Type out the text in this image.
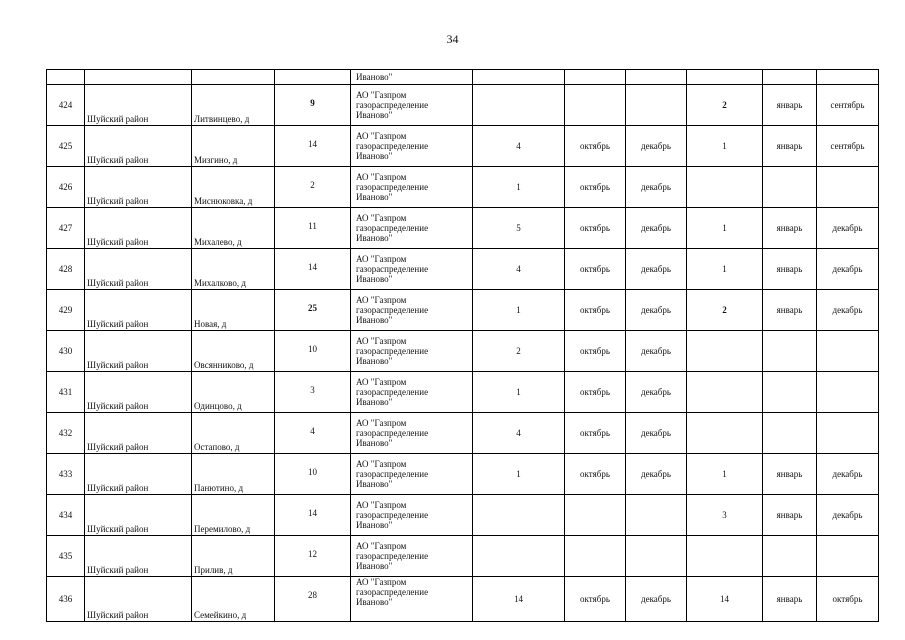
34

				Иваново"						

424	Шуйский район	Литвинцево, д	9	АО "Газпром
газораспределение
Иваново"				2	январь	сентябрь
425	Шуйский район	Мизгино, д	14	АО "Газпром
газораспределение
Иваново"	4	октябрь	декабрь	1	январь	сентябрь
426	Шуйский район	Миснюковка, д	2	АО "Газпром
газораспределение
Иваново"	1	октябрь	декабрь			
427	Шуйский район	Михалево, д	11	АО "Газпром
газораспределение
Иваново"	5	октябрь	декабрь	1	январь	декабрь
428	Шуйский район	Михалково, д	14	АО "Газпром
газораспределение
Иваново"	4	октябрь	декабрь	1	январь	декабрь
429	Шуйский район	Новая, д	25	АО "Газпром
газораспределение
Иваново"	1	октябрь	декабрь	2	январь	декабрь
430	Шуйский район	Овсянниково, д	10	АО "Газпром
газораспределение
Иваново"	2	октябрь	декабрь			
431	Шуйский район	Одинцово, д	3	АО "Газпром
газораспределение
Иваново"	1	октябрь	декабрь			
432	Шуйский район	Остапово, д	4	АО "Газпром
газораспределение
Иваново"	4	октябрь	декабрь			
433	Шуйский район	Панютино, д	10	АО "Газпром
газораспределение
Иваново"	1	октябрь	декабрь	1	январь	декабрь
434	Шуйский район	Перемилово, д	14	АО "Газпром
газораспределение
Иваново"				3	январь	декабрь
435	Шуйский район	Прилив, д	12	АО "Газпром
газораспределение
Иваново"						

436	Шуйский район	Семейкино, д	28	АО "Газпром
газораспределение
Иваново"	14	октябрь	декабрь	14	январь	октябрь
